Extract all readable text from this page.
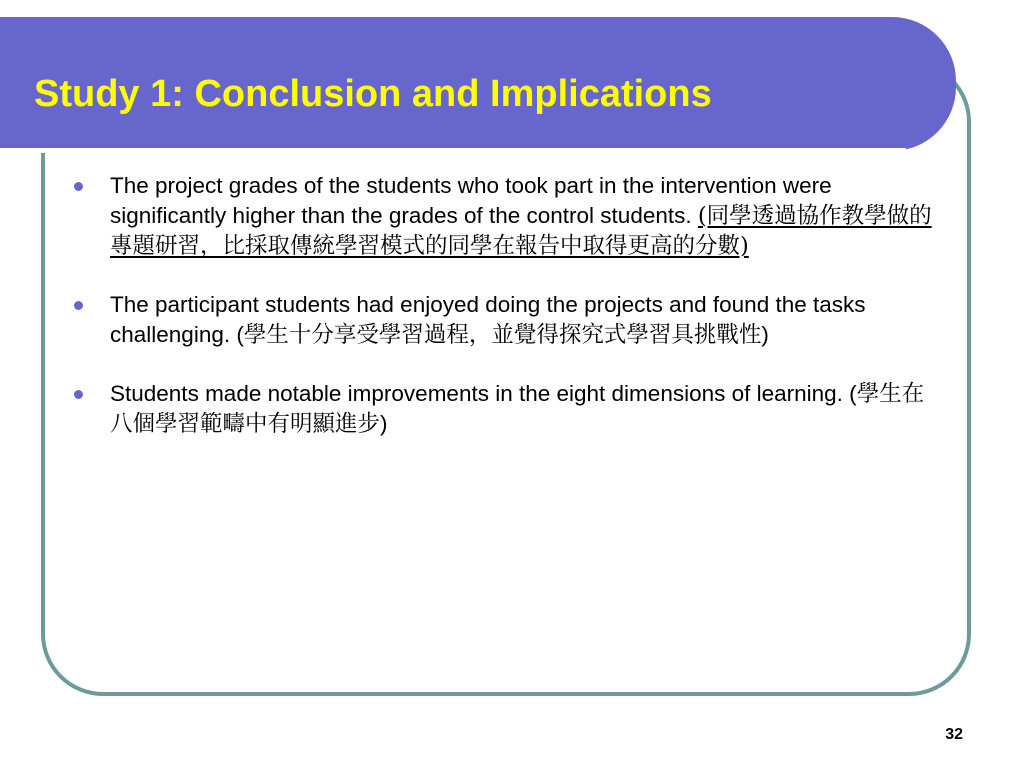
Study 1: Conclusion and Implications
The project grades of the students who took part in the intervention were significantly higher than the grades of the control students. (同學透過協作教學做的專題研習，比採取傳統學習模式的同學在報告中取得更高的分數)
The participant students had enjoyed doing the projects and found the tasks challenging. (學生十分享受學習過程，並覺得探究式學習具挑戰性)
Students made notable improvements in the eight dimensions of learning. (學生在八個學習範疇中有明顯進步)
32
